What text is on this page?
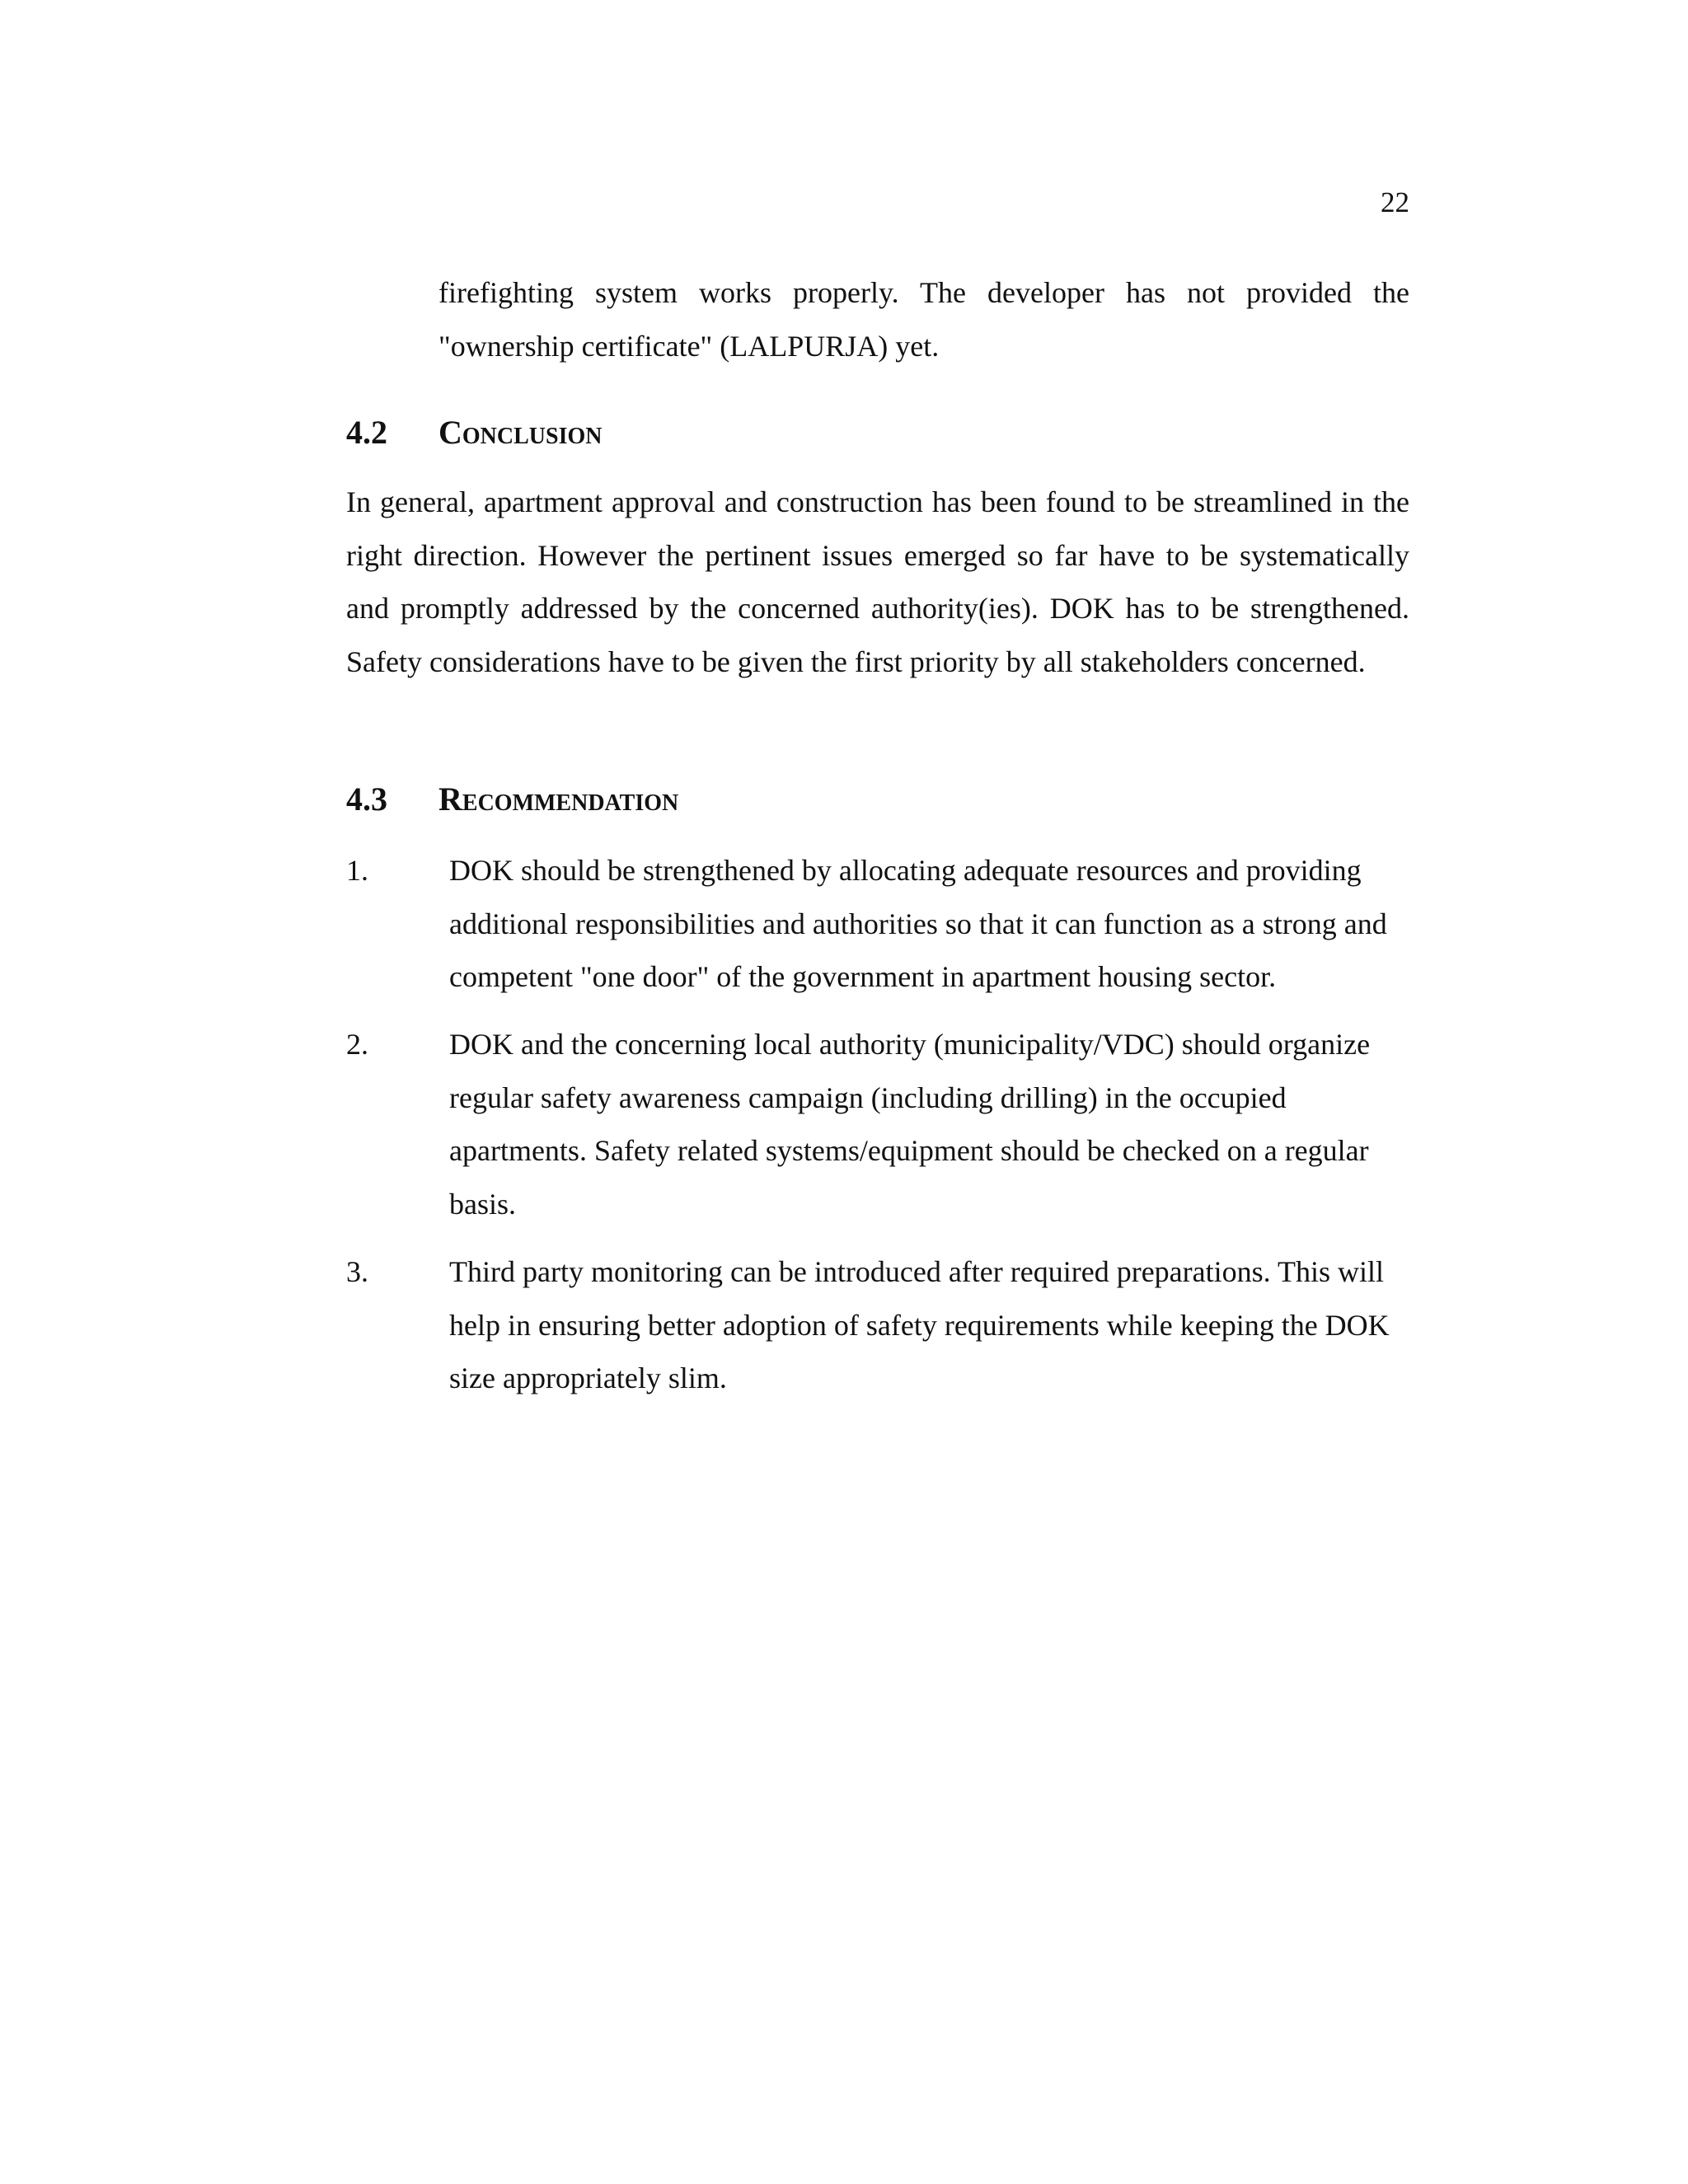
22

firefighting system works properly. The developer has not provided the "ownership certificate" (LALPURJA) yet.

4.2 Conclusion

In general, apartment approval and construction has been found to be streamlined in the right direction. However the pertinent issues emerged so far have to be systematically and promptly addressed by the concerned authority(ies). DOK has to be strengthened. Safety considerations have to be given the first priority by all stakeholders concerned.

4.3 Recommendation
1.	DOK should be strengthened by allocating adequate resources and providing additional responsibilities and authorities so that it can function as a strong and competent "one door" of the government in apartment housing sector.
2.	DOK and the concerning local authority (municipality/VDC) should organize regular safety awareness campaign (including drilling) in the occupied apartments. Safety related systems/equipment should be checked on a regular basis.
3.	Third party monitoring can be introduced after required preparations. This will help in ensuring better adoption of safety requirements while keeping the DOK size appropriately slim.
